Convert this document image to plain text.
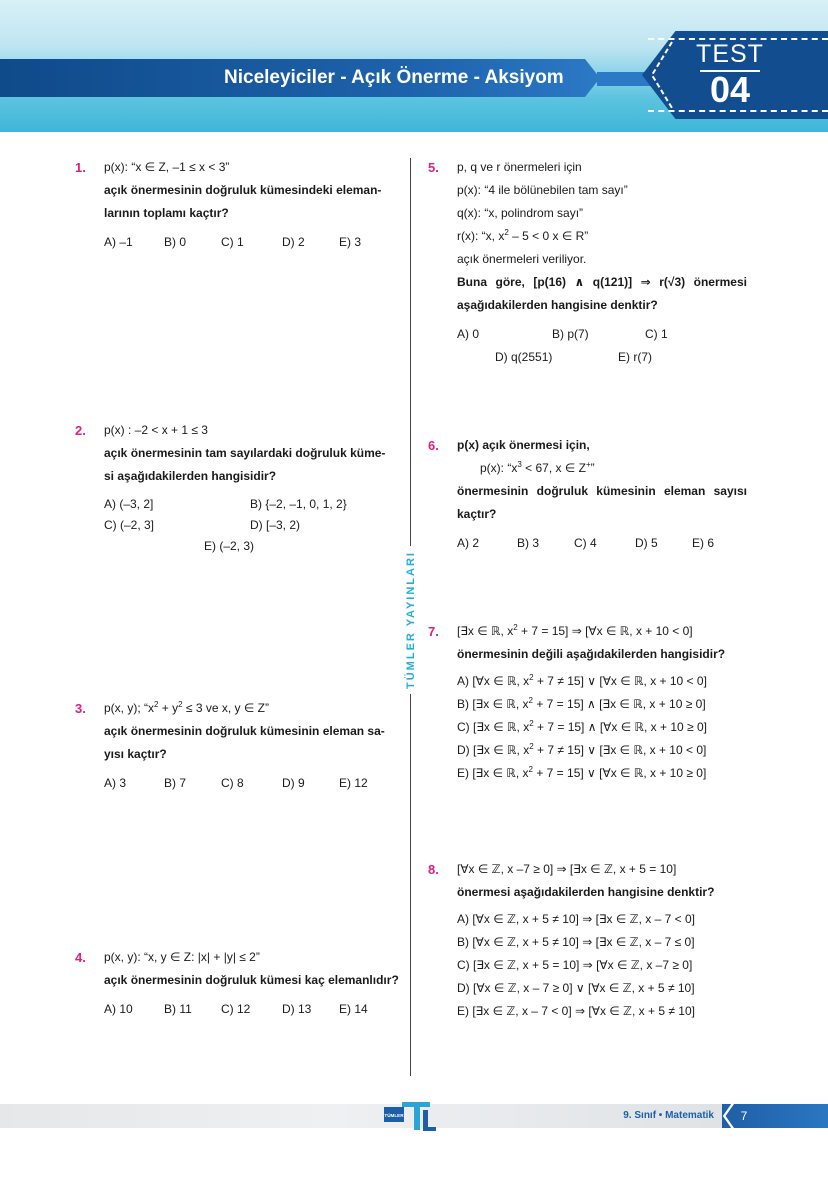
Niceleyiciler - Açık Önerme - Aksiyom
TEST
04
TÜMLER YAYINLARI
1. p(x): “x ∈ Z, –1 ≤ x < 3”
açık önermesinin doğruluk kümesindeki eleman-
larının toplamı kaçtır?
A) –1	B) 0	C) 1	D) 2	E) 3
2. p(x) : –2 < x + 1 ≤ 3
açık önermesinin tam sayılardaki doğruluk küme-
si aşağıdakilerden hangisidir?
A) (–3, 2]	B) {–2, –1, 0, 1, 2}
C) (–2, 3]	D) [–3, 2)
E) (–2, 3)
3. p(x, y); “$x^2 + y^2 \le 3$ ve x, y ∈ Z”
açık önermesinin doğruluk kümesinin eleman sa-
yısı kaçtır?
A) 3	B) 7	C) 8	D) 9	E) 12
4. p(x, y): “x, y ∈ Z: |x| + |y| ≤ 2”
açık önermesinin doğruluk kümesi kaç elemanlıdır?
A) 10	B) 11	C) 12	D) 13	E) 14
5. p, q ve r önermeleri için
p(x): “4 ile bölünebilen tam sayı”
q(x): “x, polindrom sayı”
r(x): “x, $x^2 - 5 < 0$ x ∈ R”
açık önermeleri veriliyor.
Buna göre, [p(16) ∧ q(121)] ⇒ r(√3) önermesi
aşağıdakilerden hangisine denktir?
A) 0	B) p(7)	C) 1
D) q(2551)	E) r(7)
6. p(x) açık önermesi için,
p(x): “$x^3 < 67$, x ∈ Z+”
önermesinin doğruluk kümesinin eleman sayısı
kaçtır?
A) 2	B) 3	C) 4	D) 5	E) 6
7. [∃x ∈ ℝ, $x^2 + 7 = 15$] ⇒ [∀x ∈ ℝ, x + 10 < 0]
önermesinin değili aşağıdakilerden hangisidir?
A) [∀x ∈ ℝ, $x^2 + 7 \ne 15$] ∨ [∀x ∈ ℝ, x + 10 < 0]
B) [∃x ∈ ℝ, $x^2 + 7 = 15$] ∧ [∃x ∈ ℝ, x + 10 ≥ 0]
C) [∃x ∈ ℝ, $x^2 + 7 = 15$] ∧ [∀x ∈ ℝ, x + 10 ≥ 0]
D) [∃x ∈ ℝ, $x^2 + 7 \ne 15$] ∨ [∃x ∈ ℝ, x + 10 < 0]
E) [∃x ∈ ℝ, $x^2 + 7 = 15$] ∨ [∀x ∈ ℝ, x + 10 ≥ 0]
8. [∀x ∈ ℤ, x –7 ≥ 0] ⇒ [∃x ∈ ℤ, x + 5 = 10]
önermesi aşağıdakilerden hangisine denktir?
A) [∀x ∈ ℤ, x + 5 ≠ 10] ⇒ [∃x ∈ ℤ, x – 7 < 0]
B) [∀x ∈ ℤ, x + 5 ≠ 10] ⇒ [∃x ∈ ℤ, x – 7 ≤ 0]
C) [∃x ∈ ℤ, x + 5 = 10] ⇒ [∀x ∈ ℤ, x –7 ≥ 0]
D) [∀x ∈ ℤ, x – 7 ≥ 0] ∨ [∀x ∈ ℤ, x + 5 ≠ 10]
E) [∃x ∈ ℤ, x – 7 < 0] ⇒ [∀x ∈ ℤ, x + 5 ≠ 10]
9. Sınıf • Matematik	7
TÜMLER
